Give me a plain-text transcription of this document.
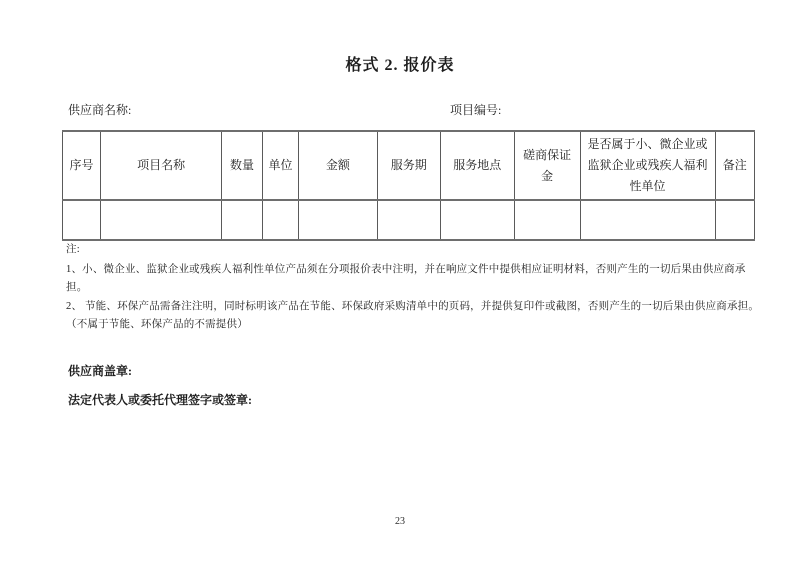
格式 2. 报价表
供应商名称:	项目编号:
序号	项目名称	数量	单位	金额	服务期	服务地点	磋商保证金	是否属于小、微企业或监狱企业或残疾人福利性单位	备注

注:
1、小、微企业、监狱企业或残疾人福利性单位产品须在分项报价表中注明，并在响应文件中提供相应证明材料，否则产生的一切后果由供应商承担。
2、 节能、环保产品需备注注明，同时标明该产品在节能、环保政府采购清单中的页码，并提供复印件或截图，否则产生的一切后果由供应商承担。（不属于节能、环保产品的不需提供）
供应商盖章:
法定代表人或委托代理签字或签章:
23
